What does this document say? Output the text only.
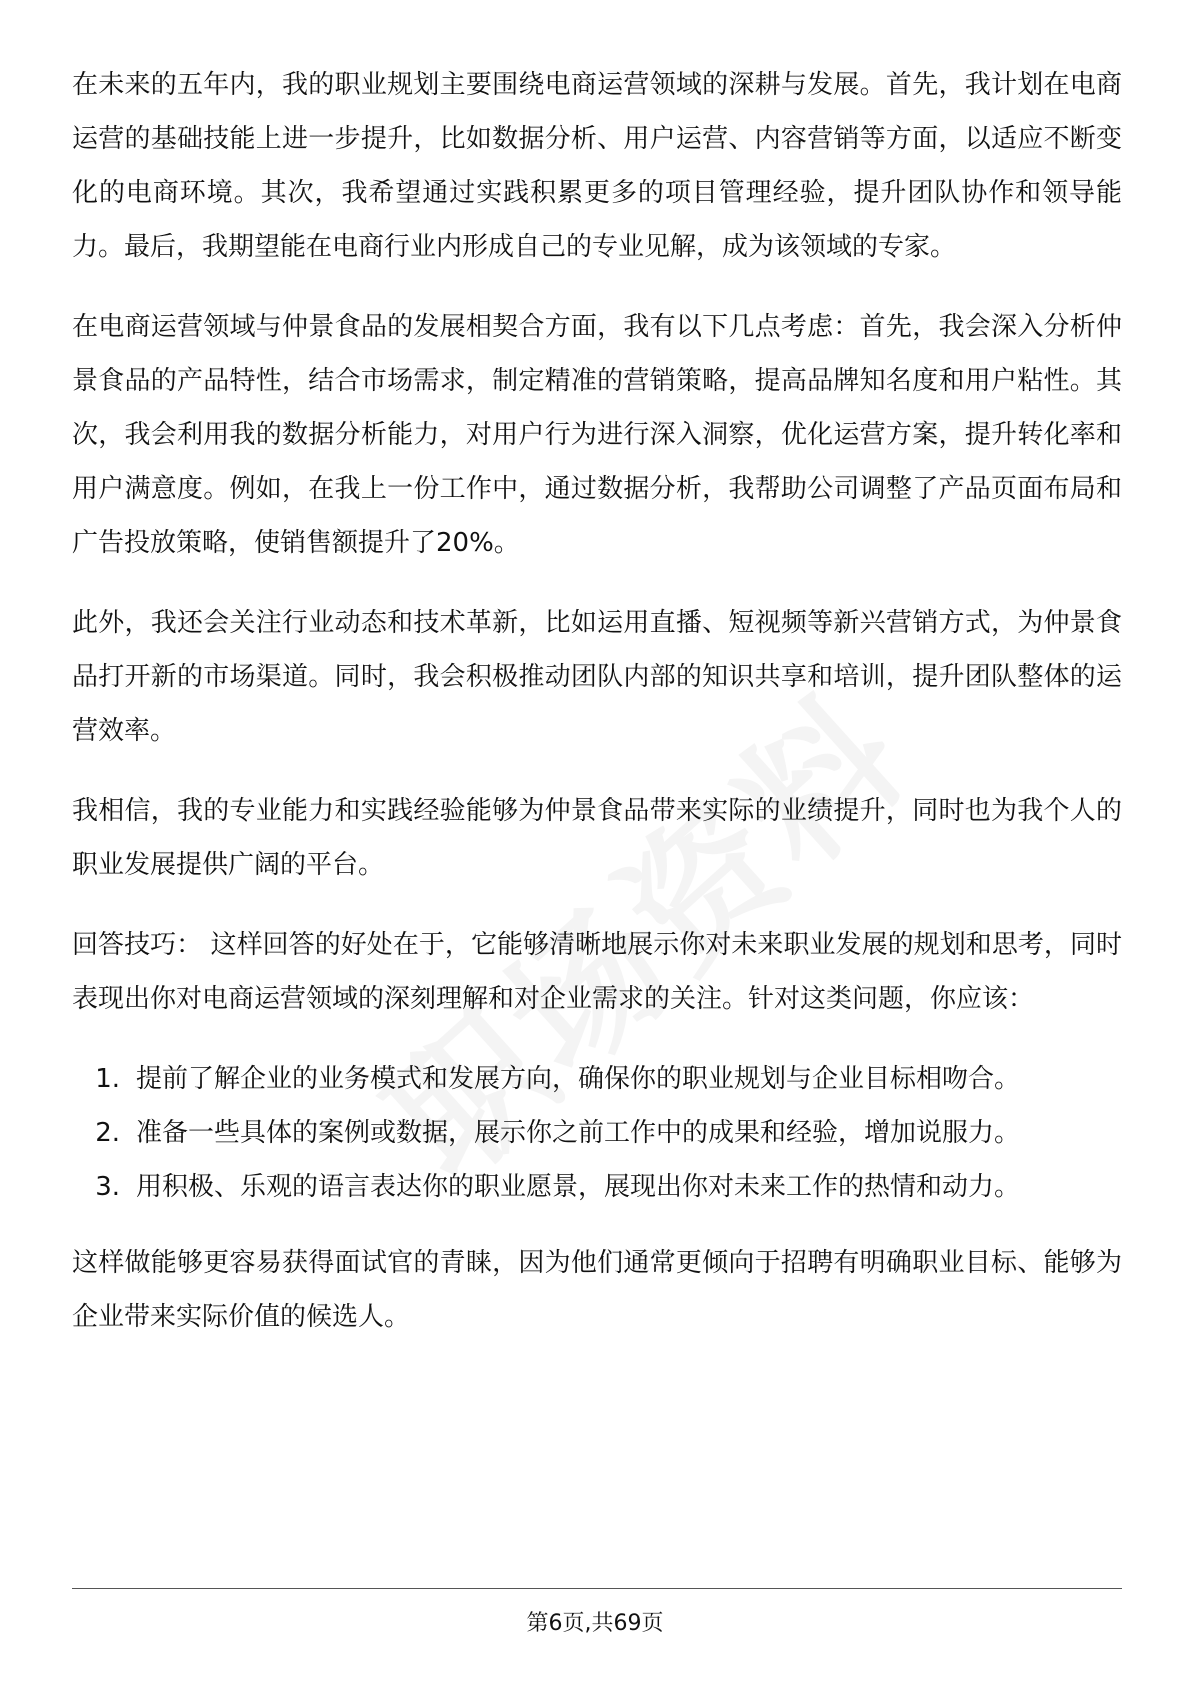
在未来的五年内，我的职业规划主要围绕电商运营领域的深耕与发展。首先，我计划在电商运营的基础技能上进一步提升，比如数据分析、用户运营、内容营销等方面，以适应不断变化的电商环境。其次，我希望通过实践积累更多的项目管理经验，提升团队协作和领导能力。最后，我期望能在电商行业内形成自己的专业见解，成为该领域的专家。

在电商运营领域与仲景食品的发展相契合方面，我有以下几点考虑：首先，我会深入分析仲景食品的产品特性，结合市场需求，制定精准的营销策略，提高品牌知名度和用户粘性。其次，我会利用我的数据分析能力，对用户行为进行深入洞察，优化运营方案，提升转化率和用户满意度。例如，在我上一份工作中，通过数据分析，我帮助公司调整了产品页面布局和广告投放策略，使销售额提升了20%。

此外，我还会关注行业动态和技术革新，比如运用直播、短视频等新兴营销方式，为仲景食品打开新的市场渠道。同时，我会积极推动团队内部的知识共享和培训，提升团队整体的运营效率。

我相信，我的专业能力和实践经验能够为仲景食品带来实际的业绩提升，同时也为我个人的职业发展提供广阔的平台。

回答技巧： 这样回答的好处在于，它能够清晰地展示你对未来职业发展的规划和思考，同时表现出你对电商运营领域的深刻理解和对企业需求的关注。针对这类问题，你应该：

1. 提前了解企业的业务模式和发展方向，确保你的职业规划与企业目标相吻合。
2. 准备一些具体的案例或数据，展示你之前工作中的成果和经验，增加说服力。
3. 用积极、乐观的语言表达你的职业愿景，展现出你对未来工作的热情和动力。

这样做能够更容易获得面试官的青睐，因为他们通常更倾向于招聘有明确职业目标、能够为企业带来实际价值的候选人。

第6页,共69页
